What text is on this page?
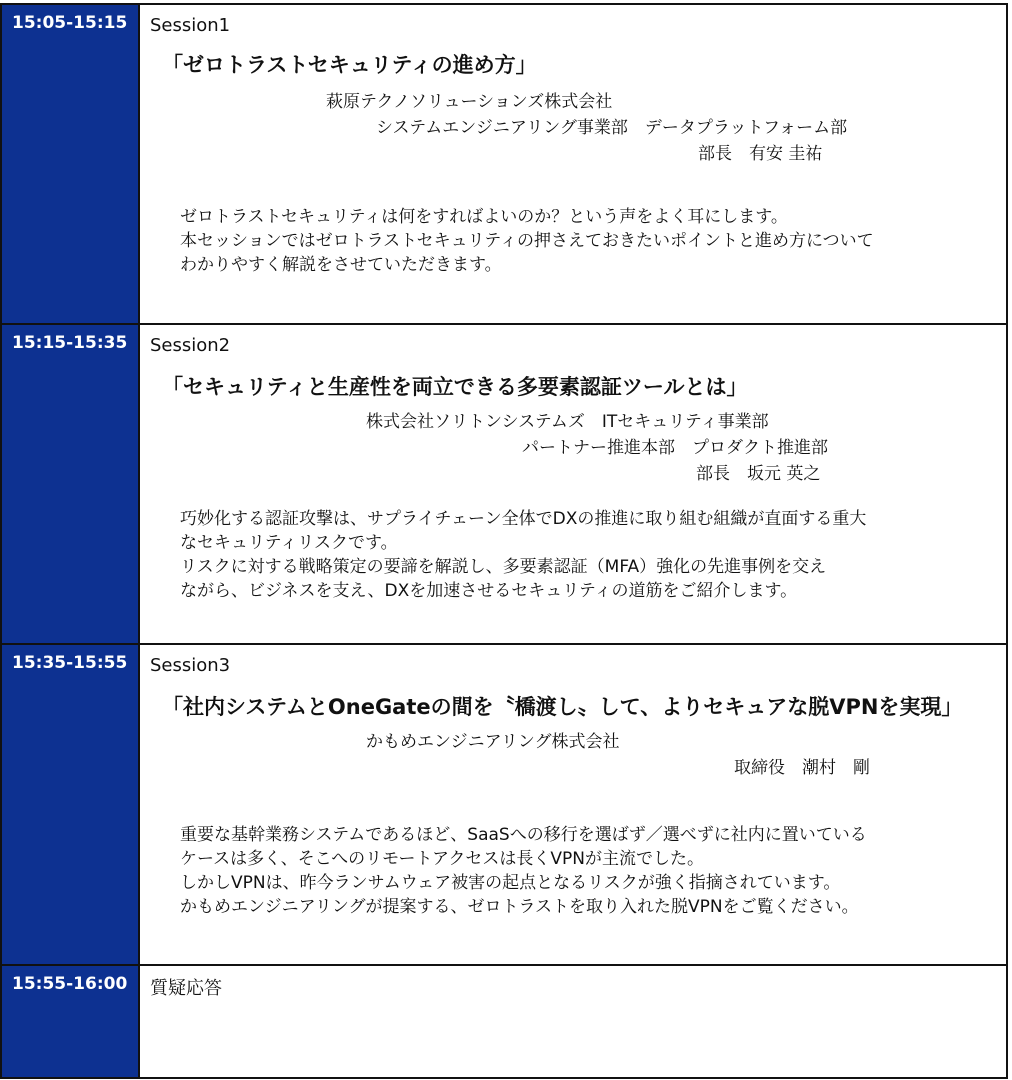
15:05-15:15	Session1
「ゼロトラストセキュリティの進め方」
萩原テクノソリューションズ株式会社
システムエンジニアリング事業部　データプラットフォーム部
部長　有安 圭祐
ゼロトラストセキュリティは何をすればよいのか？という声をよく耳にします。
本セッションではゼロトラストセキュリティの押さえておきたいポイントと進め方について
わかりやすく解説をさせていただきます。
15:15-15:35	Session2
「セキュリティと生産性を両立できる多要素認証ツールとは」
株式会社ソリトンシステムズ　ITセキュリティ事業部
パートナー推進本部　プロダクト推進部
部長　坂元 英之
巧妙化する認証攻撃は、サプライチェーン全体でDXの推進に取り組む組織が直面する重大
なセキュリティリスクです。
リスクに対する戦略策定の要諦を解説し、多要素認証（MFA）強化の先進事例を交え
ながら、ビジネスを支え、DXを加速させるセキュリティの道筋をご紹介します。
15:35-15:55	Session3
「社内システムとOneGateの間を〝橋渡し〟して、よりセキュアな脱VPNを実現」
かもめエンジニアリング株式会社
取締役　潮村　剛
重要な基幹業務システムであるほど、SaaSへの移行を選ばず／選べずに社内に置いている
ケースは多く、そこへのリモートアクセスは長くVPNが主流でした。
しかしVPNは、昨今ランサムウェア被害の起点となるリスクが強く指摘されています。
かもめエンジニアリングが提案する、ゼロトラストを取り入れた脱VPNをご覧ください。
15:55-16:00	質疑応答
